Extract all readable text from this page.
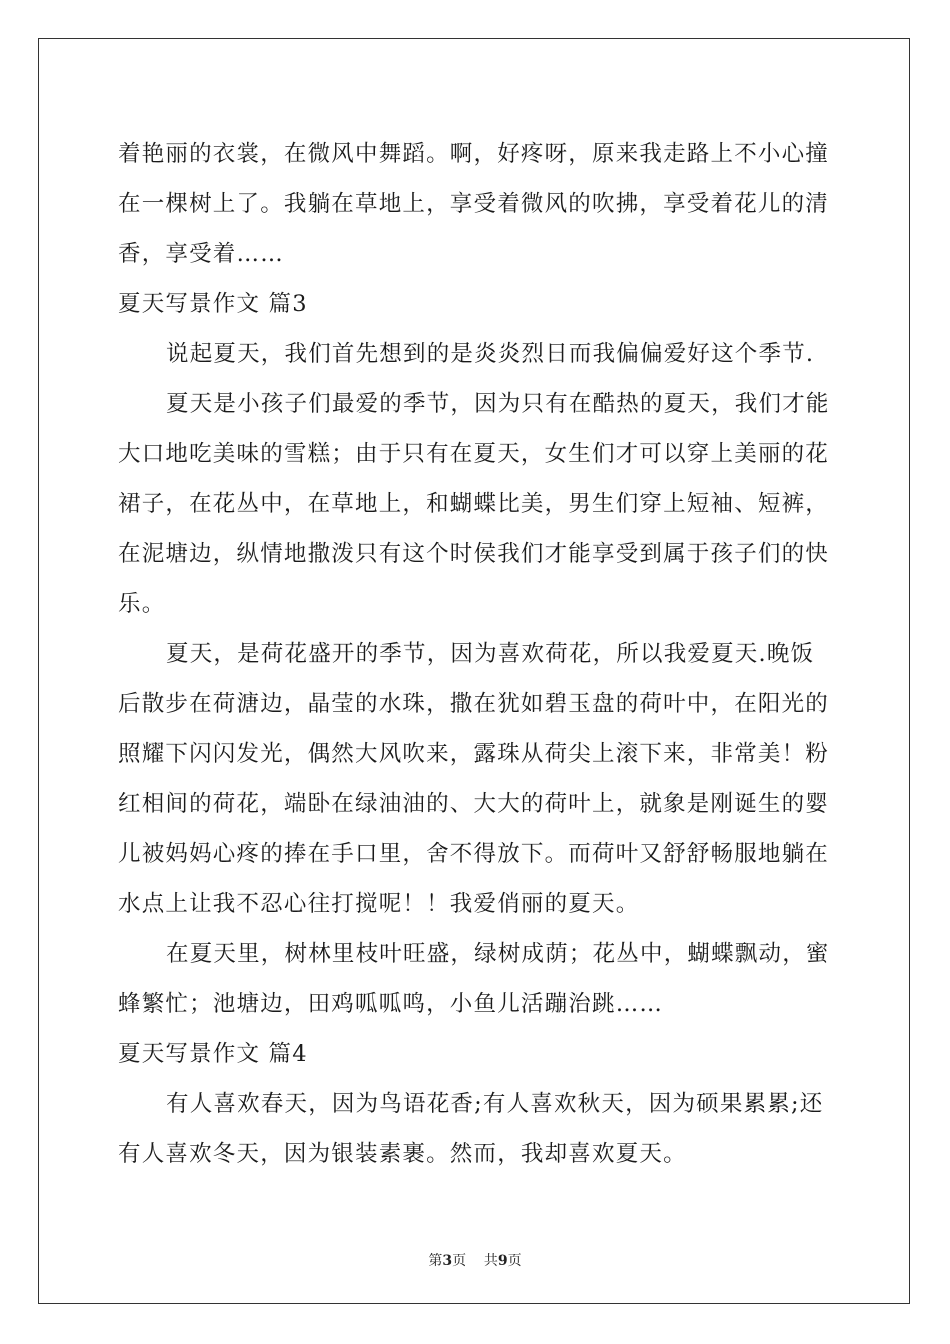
着艳丽的衣裳，在微风中舞蹈。啊，好疼呀，原来我走路上不小心撞
在一棵树上了。我躺在草地上，享受着微风的吹拂，享受着花儿的清
香，享受着……
夏天写景作文 篇3
说起夏天，我们首先想到的是炎炎烈日而我偏偏爱好这个季节.
夏天是小孩子们最爱的季节，因为只有在酷热的夏天，我们才能
大口地吃美味的雪糕；由于只有在夏天，女生们才可以穿上美丽的花
裙子，在花丛中，在草地上，和蝴蝶比美，男生们穿上短袖、短裤，
在泥塘边，纵情地撒泼只有这个时侯我们才能享受到属于孩子们的快
乐。
夏天，是荷花盛开的季节，因为喜欢荷花，所以我爱夏天.晚饭
后散步在荷溏边，晶莹的水珠，撒在犹如碧玉盘的荷叶中，在阳光的
照耀下闪闪发光，偶然大风吹来，露珠从荷尖上滚下来，非常美！粉
红相间的荷花，端卧在绿油油的、大大的荷叶上，就象是刚诞生的婴
儿被妈妈心疼的捧在手口里，舍不得放下。而荷叶又舒舒畅服地躺在
水点上让我不忍心往打搅呢！！我爱俏丽的夏天。
在夏天里，树林里枝叶旺盛，绿树成荫；花丛中，蝴蝶飘动，蜜
蜂繁忙；池塘边，田鸡呱呱鸣，小鱼儿活蹦治跳……
夏天写景作文 篇4
有人喜欢春天，因为鸟语花香;有人喜欢秋天，因为硕果累累;还
有人喜欢冬天，因为银装素裹。然而，我却喜欢夏天。
第3页    共9页
